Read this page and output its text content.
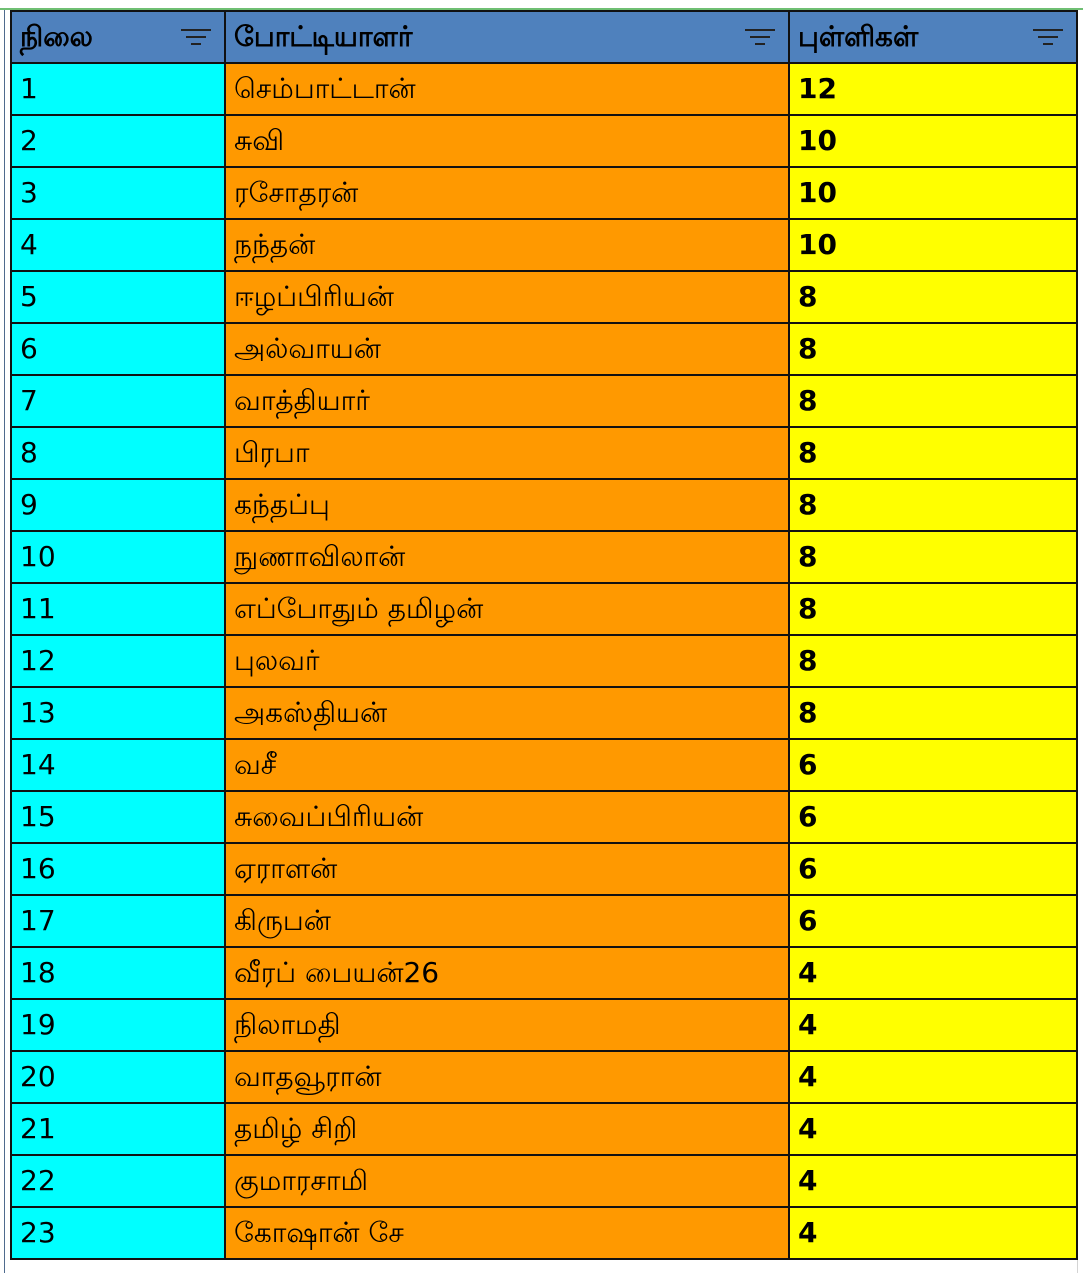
நிலை	போட்டியாளர்	புள்ளிகள்

1	செம்பாட்டான்	12
2	சுவி	10
3	ரசோதரன்	10
4	நந்தன்	10
5	ஈழப்பிரியன்	8
6	அல்வாயன்	8
7	வாத்தியார்	8
8	பிரபா	8
9	கந்தப்பு	8
10	நுணாவிலான்	8
11	எப்போதும் தமிழன்	8
12	புலவர்	8
13	அகஸ்தியன்	8
14	வசீ	6
15	சுவைப்பிரியன்	6
16	ஏராளன்	6
17	கிருபன்	6
18	வீரப் பையன்26	4
19	நிலாமதி	4
20	வாதவூரான்	4
21	தமிழ் சிறி	4
22	குமாரசாமி	4
23	கோஷான் சே	4
